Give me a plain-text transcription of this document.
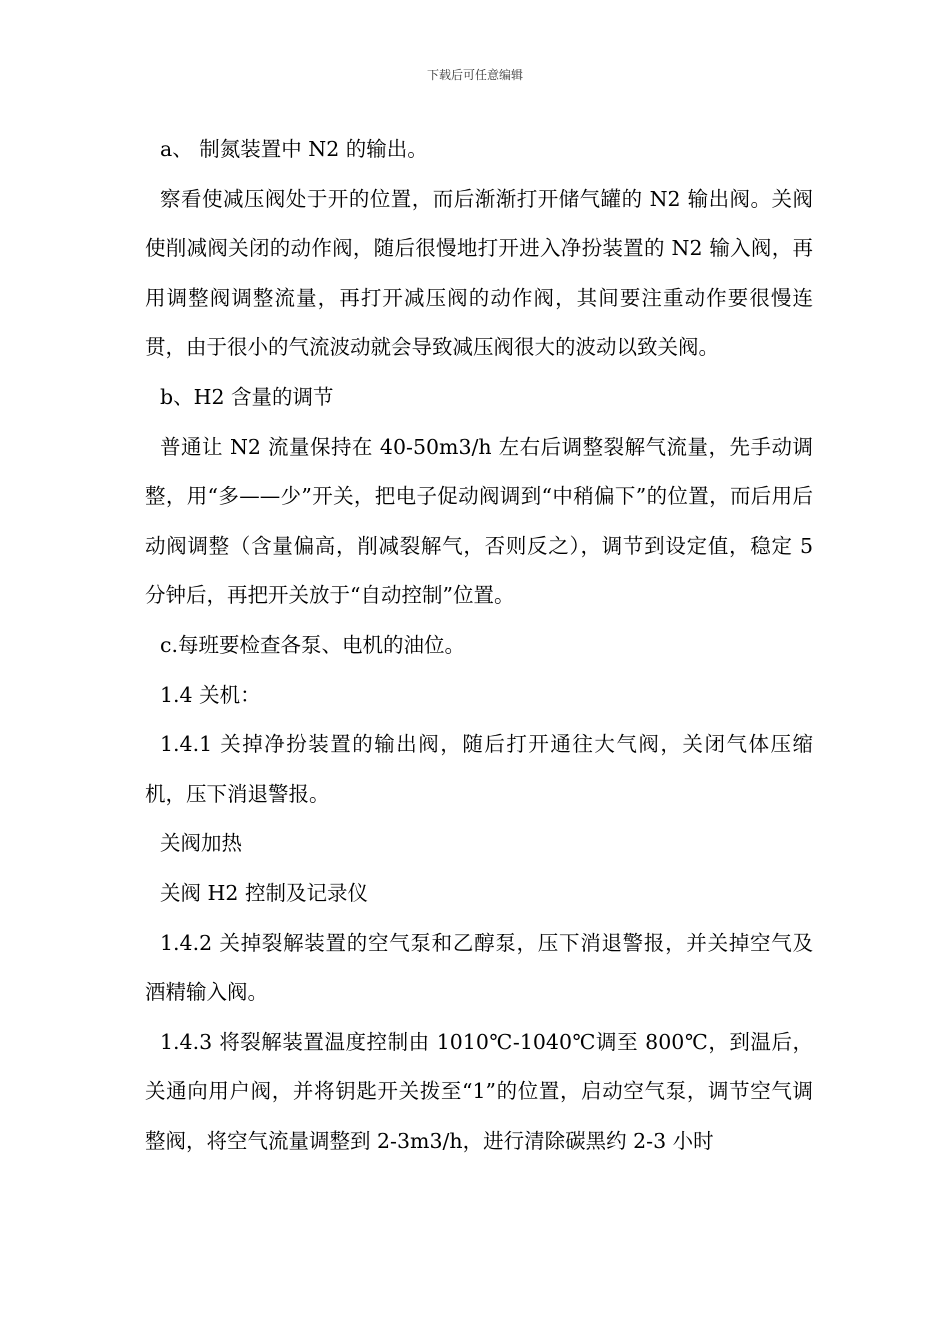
下载后可任意编辑

a、 制氮装置中 N2 的输出。

察看使减压阀处于开的位置，而后渐渐打开储气罐的 N2 输出阀。关阀使削减阀关闭的动作阀，随后很慢地打开进入净扮装置的 N2 输入阀，再用调整阀调整流量，再打开减压阀的动作阀，其间要注重动作要很慢连贯，由于很小的气流波动就会导致减压阀很大的波动以致关阀。

b、H2 含量的调节

普通让 N2 流量保持在 40-50m3/h 左右后调整裂解气流量，先手动调整，用“多——少”开关，把电子促动阀调到“中稍偏下”的位置，而后用后动阀调整（含量偏高，削减裂解气，否则反之），调节到设定值，稳定 5 分钟后，再把开关放于“自动控制”位置。

c.每班要检查各泵、电机的油位。

1.4 关机：

1.4.1 关掉净扮装置的输出阀，随后打开通往大气阀，关闭气体压缩机，压下消退警报。

关阀加热

关阀 H2 控制及记录仪

1.4.2 关掉裂解装置的空气泵和乙醇泵，压下消退警报，并关掉空气及酒精输入阀。

1.4.3 将裂解装置温度控制由 1010℃-1040℃调至 800℃，到温后，关通向用户阀，并将钥匙开关拨至“1”的位置，启动空气泵，调节空气调整阀，将空气流量调整到 2-3m3/h，进行清除碳黑约 2-3 小时
